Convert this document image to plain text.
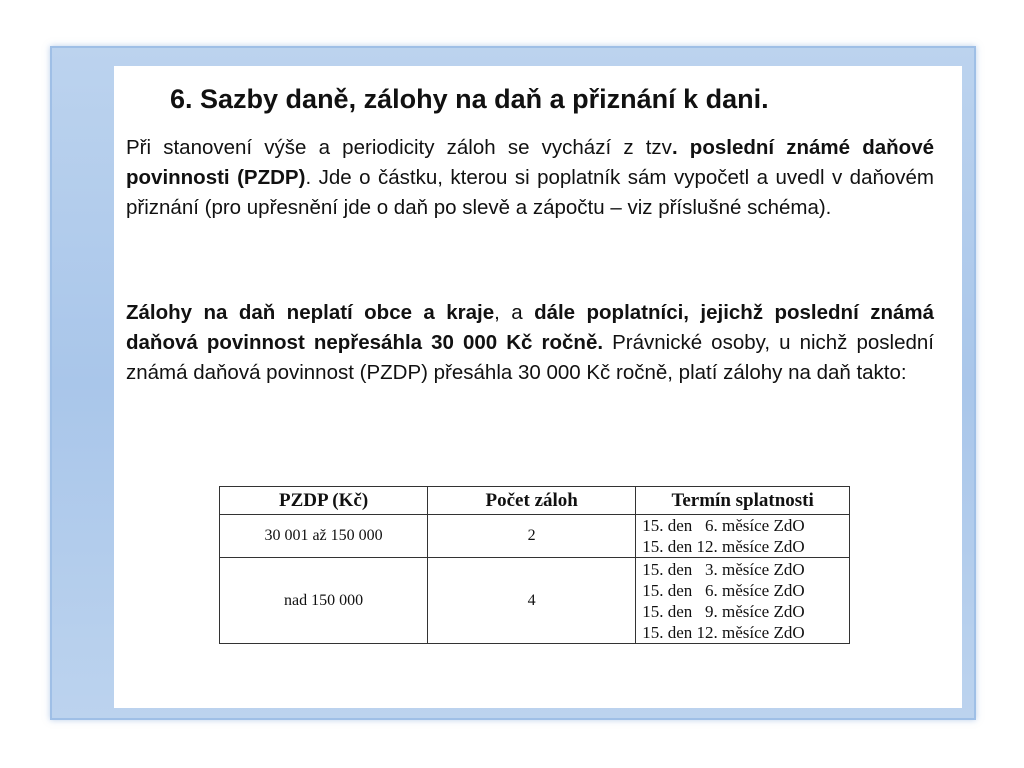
6. Sazby daně, zálohy na daň a přiznání k dani.

Při stanovení výše a periodicity záloh se vychází z tzv. poslední známé daňové povinnosti (PZDP). Jde o částku, kterou si poplatník sám vypočetl a uvedl v daňovém přiznání (pro upřesnění jde o daň po slevě a zápočtu – viz příslušné schéma).

Zálohy na daň neplatí obce a kraje, a dále poplatníci, jejichž poslední známá daňová povinnost nepřesáhla 30 000 Kč ročně. Právnické osoby, u nichž poslední známá daňová povinnost (PZDP) přesáhla 30 000 Kč ročně, platí zálohy na daň takto:

PZDP (Kč)	Počet záloh	Termín splatnosti
30 001 až 150 000	2	15. den   6. měsíce ZdO
15. den 12. měsíce ZdO

nad 150 000	4	15. den   3. měsíce ZdO
15. den   6. měsíce ZdO
15. den   9. měsíce ZdO
15. den 12. měsíce ZdO
